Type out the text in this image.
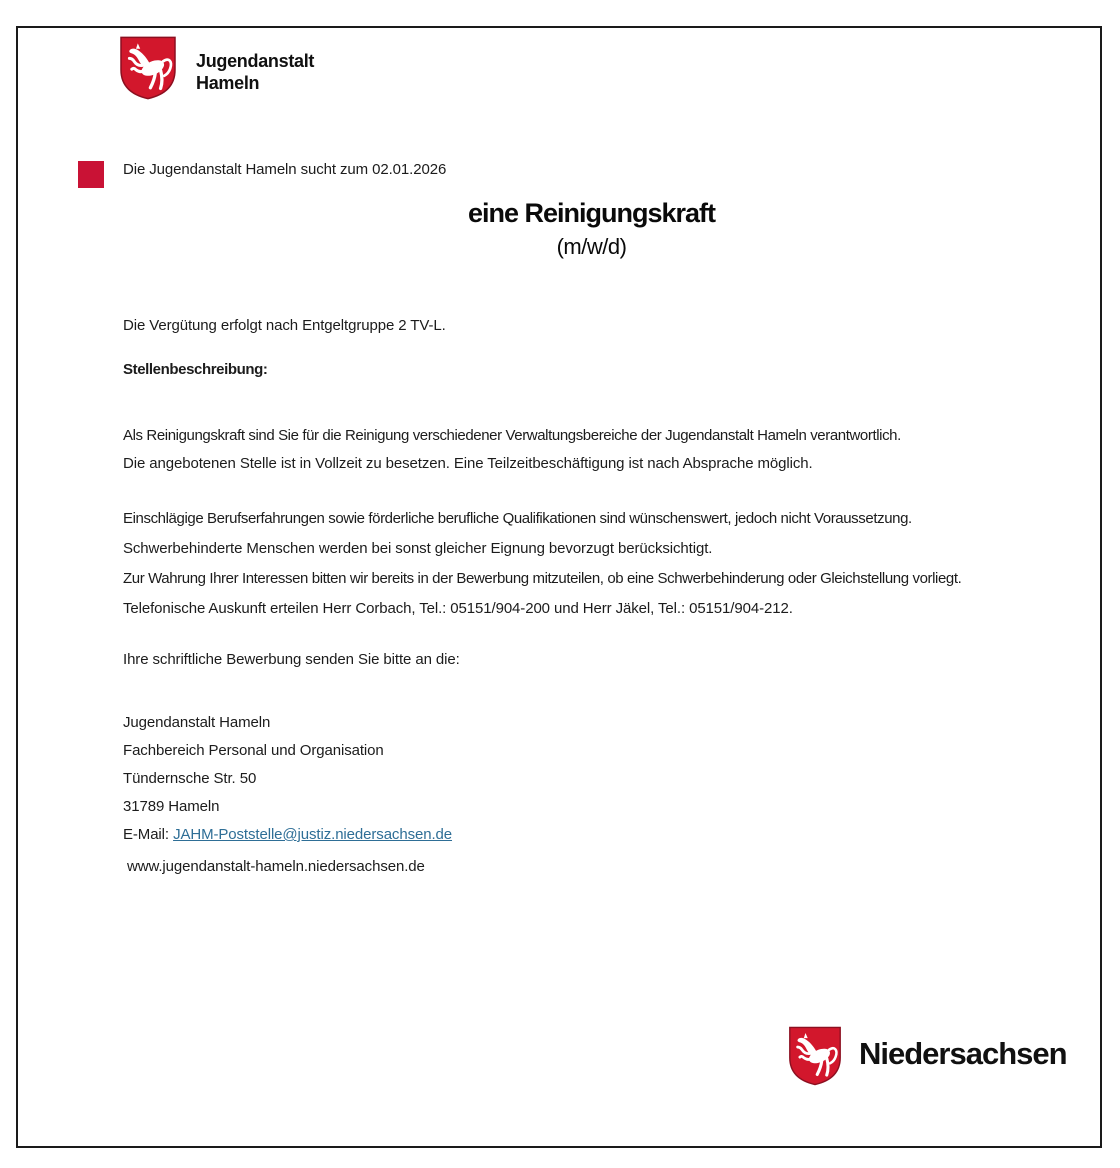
Jugendanstalt
Hameln
Die Jugendanstalt Hameln sucht zum 02.01.2026
eine Reinigungskraft
(m/w/d)
Die Vergütung erfolgt nach Entgeltgruppe 2 TV-L.
Stellenbeschreibung:
Als Reinigungskraft sind Sie für die Reinigung verschiedener Verwaltungsbereiche der Jugendanstalt Hameln verantwortlich.
Die angebotenen Stelle ist in Vollzeit zu besetzen. Eine Teilzeitbeschäftigung ist nach Absprache möglich.
Einschlägige Berufserfahrungen sowie förderliche berufliche Qualifikationen sind wünschenswert, jedoch nicht Voraussetzung.
Schwerbehinderte Menschen werden bei sonst gleicher Eignung bevorzugt berücksichtigt.
Zur Wahrung Ihrer Interessen bitten wir bereits in der Bewerbung mitzuteilen, ob eine Schwerbehinderung oder Gleichstellung vorliegt.
Telefonische Auskunft erteilen Herr Corbach, Tel.: 05151/904-200 und Herr Jäkel, Tel.: 05151/904-212.
Ihre schriftliche Bewerbung senden Sie bitte an die:
Jugendanstalt Hameln
Fachbereich Personal und Organisation
Tündernsche Str. 50
31789 Hameln
E-Mail: JAHM-Poststelle@justiz.niedersachsen.de
www.jugendanstalt-hameln.niedersachsen.de
Niedersachsen
